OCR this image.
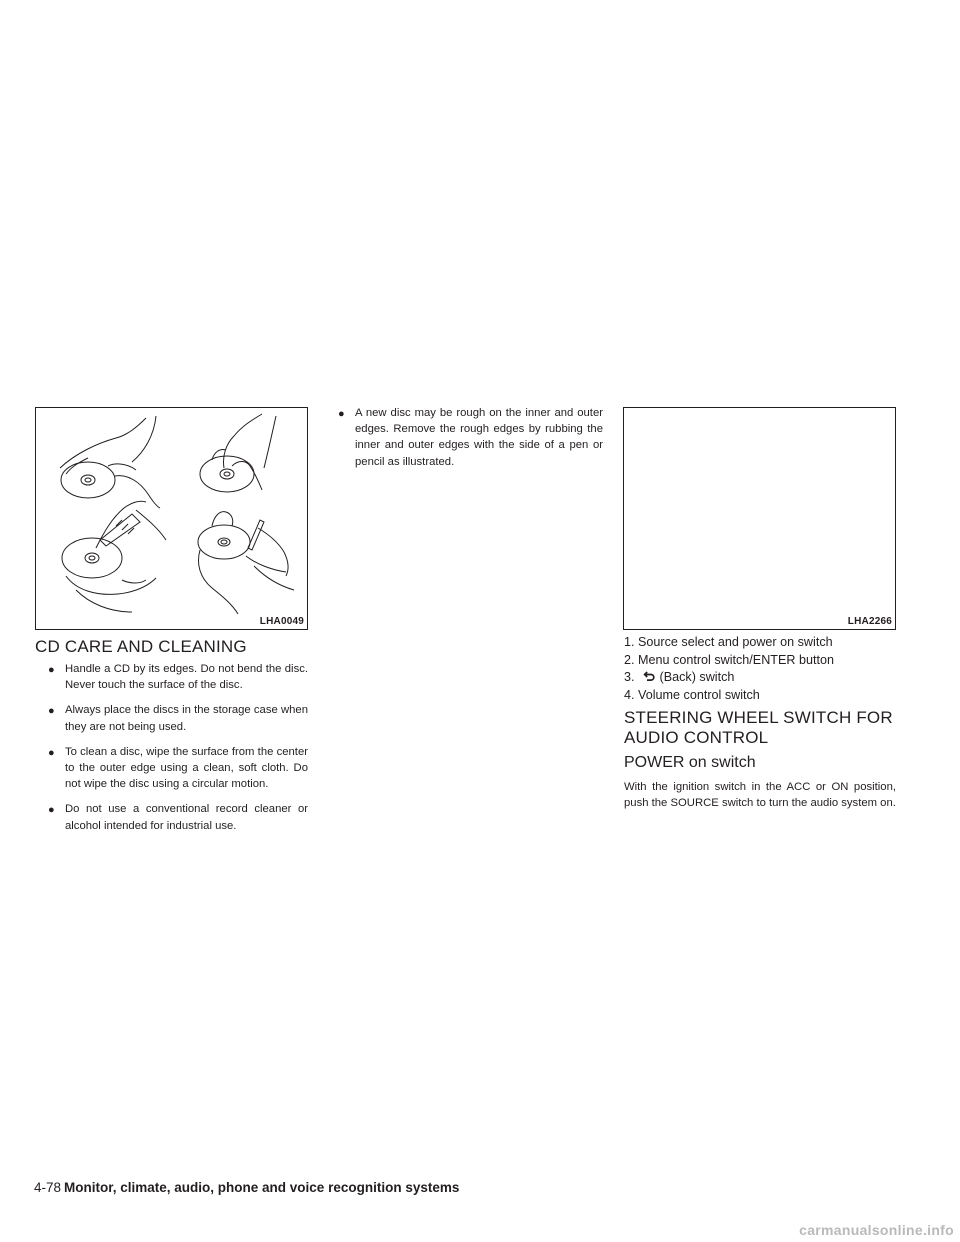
LHA0049	LHA2266
CD CARE AND CLEANING
● Handle a CD by its edges. Do not bend the disc. Never touch the surface of the disc.
● Always place the discs in the storage case when they are not being used.
● To clean a disc, wipe the surface from the center to the outer edge using a clean, soft cloth. Do not wipe the disc using a circular motion.
● Do not use a conventional record cleaner or alcohol intended for industrial use.
● A new disc may be rough on the inner and outer edges. Remove the rough edges by rubbing the inner and outer edges with the side of a pen or pencil as illustrated.
1. Source select and power on switch
2. Menu control switch/ENTER button
3. (Back) switch
4. Volume control switch
STEERING WHEEL SWITCH FOR
AUDIO CONTROL
POWER on switch

With the ignition switch in the ACC or ON position, push the SOURCE switch to turn the audio system on.

4-78 Monitor, climate, audio, phone and voice recognition systems
carmanualsonline.info
